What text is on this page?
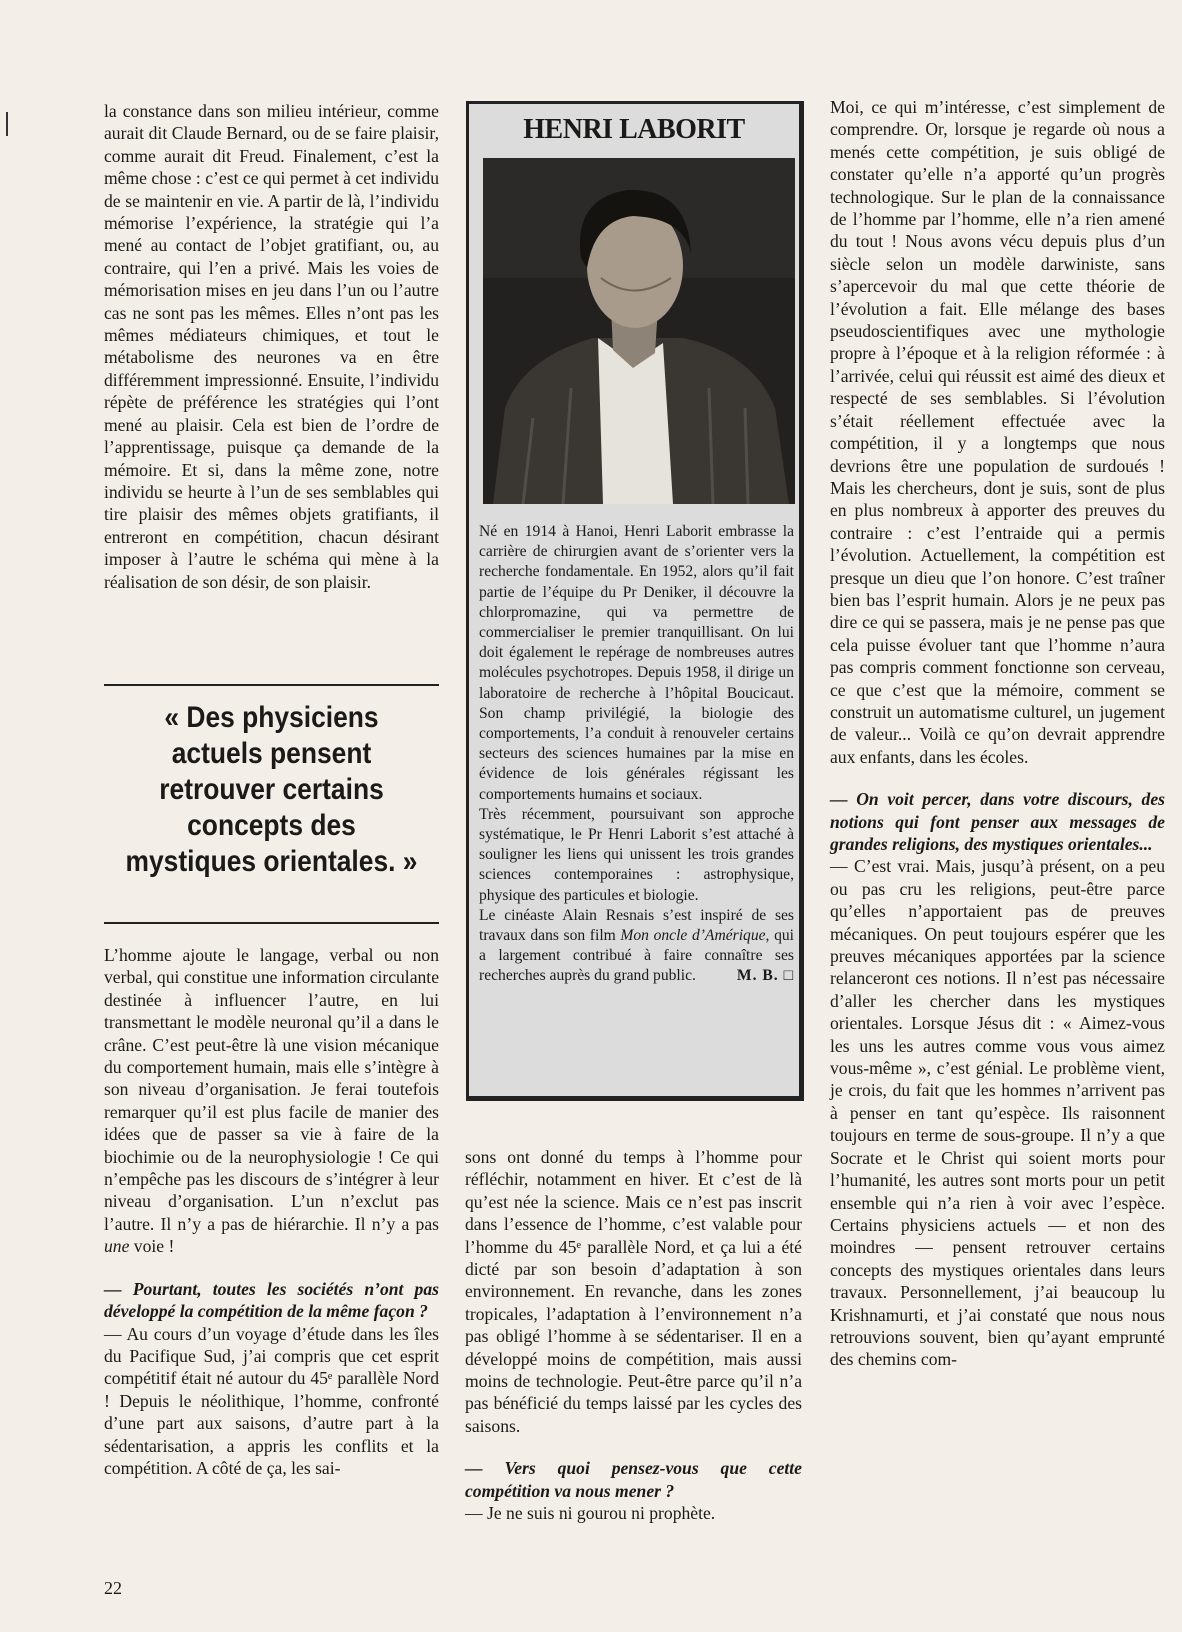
la constance dans son milieu intérieur, comme aurait dit Claude Bernard, ou de se faire plaisir, comme aurait dit Freud. Finalement, c’est la même chose : c’est ce qui permet à cet individu de se maintenir en vie. A partir de là, l’individu mémorise l’expérience, la stratégie qui l’a mené au contact de l’objet gratifiant, ou, au contraire, qui l’en a privé. Mais les voies de mémorisation mises en jeu dans l’un ou l’autre cas ne sont pas les mêmes. Elles n’ont pas les mêmes médiateurs chimiques, et tout le métabolisme des neurones va en être différemment impressionné. Ensuite, l’individu répète de préférence les stratégies qui l’ont mené au plaisir. Cela est bien de l’ordre de l’apprentissage, puisque ça demande de la mémoire. Et si, dans la même zone, notre individu se heurte à l’un de ses semblables qui tire plaisir des mêmes objets gratifiants, il entreront en compétition, chacun désirant imposer à l’autre le schéma qui mène à la réalisation de son désir, de son plaisir.

« Des physiciens actuels pensent retrouver certains concepts des mystiques orientales. »

L’homme ajoute le langage, verbal ou non verbal, qui constitue une information circulante destinée à influencer l’autre, en lui transmettant le modèle neuronal qu’il a dans le crâne. C’est peut-être là une vision mécanique du comportement humain, mais elle s’intègre à son niveau d’organisation. Je ferai toutefois remarquer qu’il est plus facile de manier des idées que de passer sa vie à faire de la biochimie ou de la neurophysiologie ! Ce qui n’empêche pas les discours de s’intégrer à leur niveau d’organisation. L’un n’exclut pas l’autre. Il n’y a pas de hiérarchie. Il n’y a pas une voie !

— Pourtant, toutes les sociétés n’ont pas développé la compétition de la même façon ?

— Au cours d’un voyage d’étude dans les îles du Pacifique Sud, j’ai compris que cet esprit compétitif était né autour du 45ᵉ parallèle Nord ! Depuis le néolithique, l’homme, confronté d’une part aux saisons, d’autre part à la sédentarisation, a appris les conflits et la compétition. A côté de ça, les sai-

HENRI LABORIT

Né en 1914 à Hanoi, Henri Laborit embrasse la carrière de chirurgien avant de s’orienter vers la recherche fondamentale. En 1952, alors qu’il fait partie de l’équipe du Pr Deniker, il découvre la chlorpromazine, qui va permettre de commercialiser le premier tranquillisant. On lui doit également le repérage de nombreuses autres molécules psychotropes. Depuis 1958, il dirige un laboratoire de recherche à l’hôpital Boucicaut. Son champ privilégié, la biologie des comportements, l’a conduit à renouveler certains secteurs des sciences humaines par la mise en évidence de lois générales régissant les comportements humains et sociaux.

Très récemment, poursuivant son approche systématique, le Pr Henri Laborit s’est attaché à souligner les liens qui unissent les trois grandes sciences contemporaines : astrophysique, physique des particules et biologie.

Le cinéaste Alain Resnais s’est inspiré de ses travaux dans son film Mon oncle d’Amérique, qui a largement contribué à faire connaître ses recherches auprès du grand public.	M. B. □

sons ont donné du temps à l’homme pour réfléchir, notamment en hiver. Et c’est de là qu’est née la science. Mais ce n’est pas inscrit dans l’essence de l’homme, c’est valable pour l’homme du 45ᵉ parallèle Nord, et ça lui a été dicté par son besoin d’adaptation à son environnement. En revanche, dans les zones tropicales, l’adaptation à l’environnement n’a pas obligé l’homme à se sédentariser. Il en a développé moins de compétition, mais aussi moins de technologie. Peut-être parce qu’il n’a pas bénéficié du temps laissé par les cycles des saisons.

— Vers quoi pensez-vous que cette compétition va nous mener ?

— Je ne suis ni gourou ni prophète.

Moi, ce qui m’intéresse, c’est simplement de comprendre. Or, lorsque je regarde où nous a menés cette compétition, je suis obligé de constater qu’elle n’a apporté qu’un progrès technologique. Sur le plan de la connaissance de l’homme par l’homme, elle n’a rien amené du tout ! Nous avons vécu depuis plus d’un siècle selon un modèle darwiniste, sans s’apercevoir du mal que cette théorie de l’évolution a fait. Elle mélange des bases pseudoscientifiques avec une mythologie propre à l’époque et à la religion réformée : à l’arrivée, celui qui réussit est aimé des dieux et respecté de ses semblables. Si l’évolution s’était réellement effectuée avec la compétition, il y a longtemps que nous devrions être une population de surdoués ! Mais les chercheurs, dont je suis, sont de plus en plus nombreux à apporter des preuves du contraire : c’est l’entraide qui a permis l’évolution. Actuellement, la compétition est presque un dieu que l’on honore. C’est traîner bien bas l’esprit humain. Alors je ne peux pas dire ce qui se passera, mais je ne pense pas que cela puisse évoluer tant que l’homme n’aura pas compris comment fonctionne son cerveau, ce que c’est que la mémoire, comment se construit un automatisme culturel, un jugement de valeur... Voilà ce qu’on devrait apprendre aux enfants, dans les écoles.

— On voit percer, dans votre discours, des notions qui font penser aux messages de grandes religions, des mystiques orientales...

— C’est vrai. Mais, jusqu’à présent, on a peu ou pas cru les religions, peut-être parce qu’elles n’apportaient pas de preuves mécaniques. On peut toujours espérer que les preuves mécaniques apportées par la science relanceront ces notions. Il n’est pas nécessaire d’aller les chercher dans les mystiques orientales. Lorsque Jésus dit : « Aimez-vous les uns les autres comme vous vous aimez vous-même », c’est génial. Le problème vient, je crois, du fait que les hommes n’arrivent pas à penser en tant qu’espèce. Ils raisonnent toujours en terme de sous-groupe. Il n’y a que Socrate et le Christ qui soient morts pour l’humanité, les autres sont morts pour un petit ensemble qui n’a rien à voir avec l’espèce. Certains physiciens actuels — et non des moindres — pensent retrouver certains concepts des mystiques orientales dans leurs travaux. Personnellement, j’ai beaucoup lu Krishnamurti, et j’ai constaté que nous nous retrouvions souvent, bien qu’ayant emprunté des chemins com-

22
